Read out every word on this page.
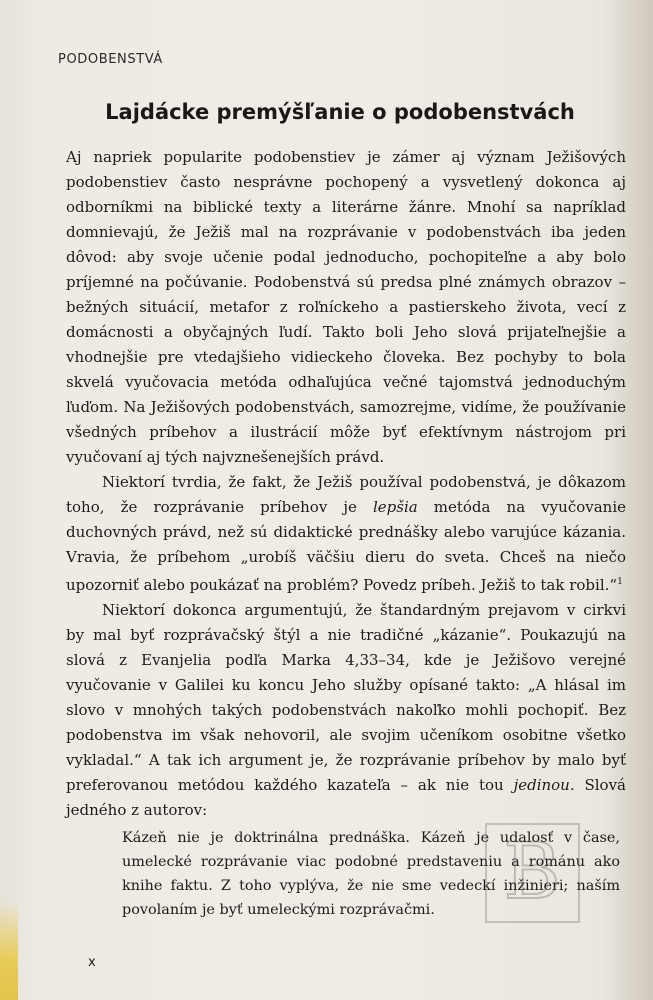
PODOBENSTVÁ
Lajdácke premýšľanie o podobenstvách

Aj napriek popularite podobenstiev je zámer aj význam Ježišových podobenstiev často nesprávne pochopený a vysvetlený dokonca aj odborníkmi na biblické texty a literárne žánre. Mnohí sa napríklad domnievajú, že Ježiš mal na rozprávanie v podobenstvách iba jeden dôvod: aby svoje učenie podal jednoducho, pochopiteľne a aby bolo príjemné na počúvanie. Podobenstvá sú predsa plné známych obrazov – bežných situácií, metafor z roľníckeho a pastierskeho života, vecí z domácnosti a obyčajných ľudí. Takto boli Jeho slová prijateľnejšie a vhodnejšie pre vtedajšieho vidieckeho človeka. Bez pochyby to bola skvelá vyučovacia metóda odhaľujúca večné tajomstvá jednoduchým ľuďom. Na Ježišových podobenstvách, samozrejme, vidíme, že používanie všedných príbehov a ilustrácií môže byť efektívnym nástrojom pri vyučovaní aj tých najvznešenejších právd.

Niektorí tvrdia, že fakt, že Ježiš používal podobenstvá, je dôkazom toho, že rozprávanie príbehov je lepšia metóda na vyučovanie duchovných právd, než sú didaktické prednášky alebo varujúce kázania. Vravia, že príbehom „urobíš väčšiu dieru do sveta. Chceš na niečo upozorniť alebo poukázať na problém? Povedz príbeh. Ježiš to tak robil.“$^1$

Niektorí dokonca argumentujú, že štandardným prejavom v cirkvi by mal byť rozprávačský štýl a nie tradičné „kázanie“. Poukazujú na slová z Evanjelia podľa Marka 4,33–34, kde je Ježišovo verejné vyučovanie v Galilei ku koncu Jeho služby opísané takto: „A hlásal im slovo v mnohých takých podobenstvách nakoľko mohli pochopiť. Bez podobenstva im však nehovoril, ale svojim učeníkom osobitne všetko vykladal.“ A tak ich argument je, že rozprávanie príbehov by malo byť preferovanou metódou každého kazateľa – ak nie tou jedinou. Slová jedného z autorov:

Kázeň nie je doktrinálna prednáška. Kázeň je udalosť v čase, umelecké rozprávanie viac podobné predstaveniu a románu ako knihe faktu. Z toho vyplýva, že nie sme vedeckí inžinieri; naším povolaním je byť umeleckými rozprávačmi. B
x
